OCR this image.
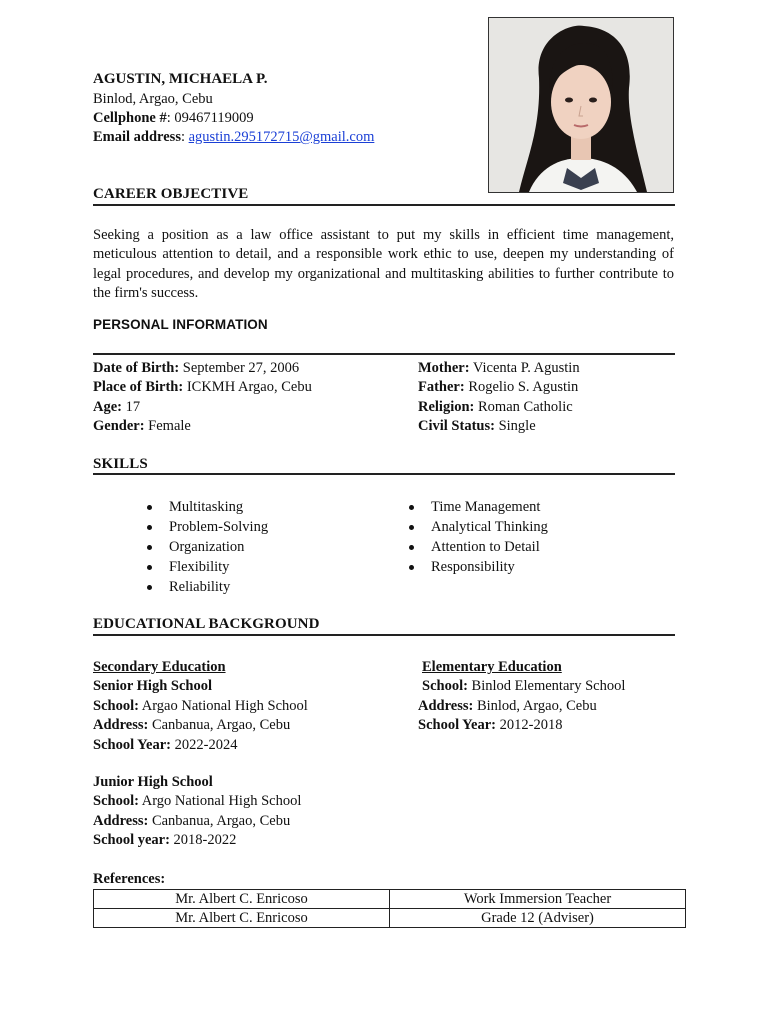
AGUSTIN, MICHAELA P.
Binlod, Argao, Cebu
Cellphone #: 09467119009
Email address: agustin.295172715@gmail.com
CAREER OBJECTIVE
Seeking a position as a law office assistant to put my skills in efficient time management, meticulous attention to detail, and a responsible work ethic to use, deepen my understanding of legal procedures, and develop my organizational and multitasking abilities to further contribute to the firm's success.
PERSONAL INFORMATION
Date of Birth: September 27, 2006
Place of Birth: ICKMH Argao, Cebu
Age: 17
Gender: Female
Mother: Vicenta P. Agustin
Father: Rogelio S. Agustin
Religion: Roman Catholic
Civil Status: Single
SKILLS
Multitasking
Problem-Solving
Organization
Flexibility
Reliability
Time Management
Analytical Thinking
Attention to Detail
Responsibility
EDUCATIONAL BACKGROUND
Secondary Education
Senior High School
School: Argao National High School
Address: Canbanua, Argao, Cebu
School Year: 2022-2024
Junior High School
School: Argo National High School
Address: Canbanua, Argao, Cebu
School year: 2018-2022
Elementary Education
School: Binlod Elementary School
Address: Binlod, Argao, Cebu
School Year: 2012-2018
References:
Mr. Albert C. Enricoso	Work Immersion Teacher
Mr. Albert C. Enricoso	Grade 12 (Adviser)
